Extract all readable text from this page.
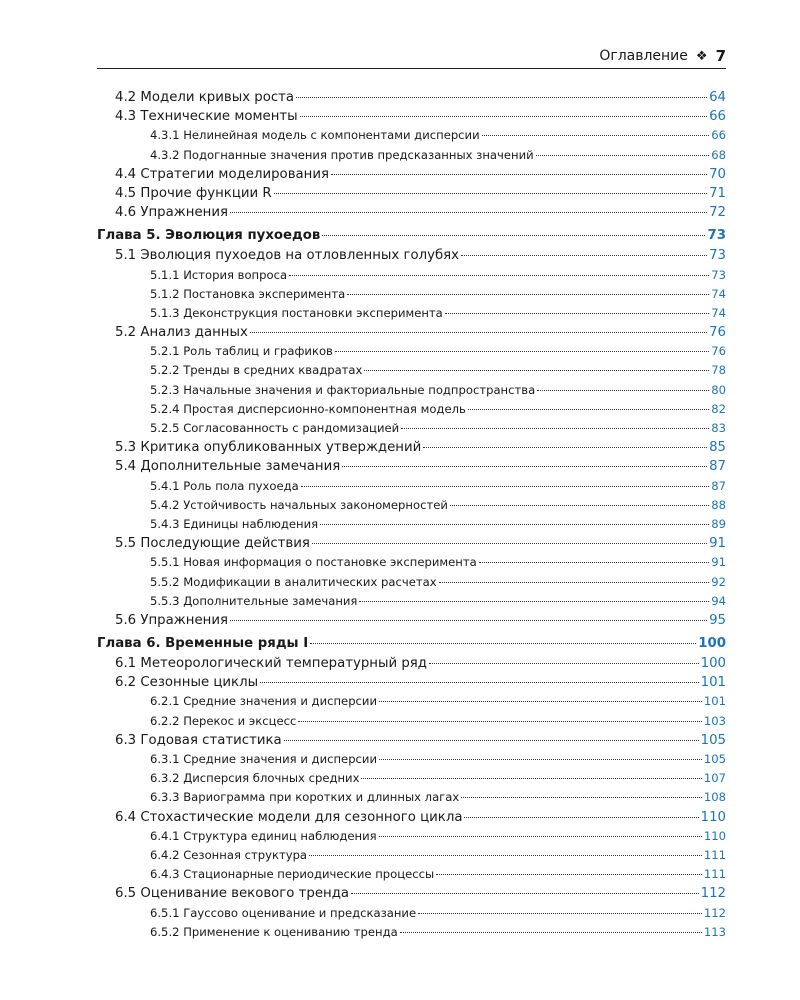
Оглавление ❖ 7
4.2 Модели кривых роста	64
4.3 Технические моменты	66
4.3.1 Нелинейная модель с компонентами дисперсии	66
4.3.2 Подогнанные значения против предсказанных значений	68
4.4 Стратегии моделирования	70
4.5 Прочие функции R	71
4.6 Упражнения	72
Глава 5. Эволюция пухоедов	73
5.1 Эволюция пухоедов на отловленных голубях	73
5.1.1 История вопроса	73
5.1.2 Постановка эксперимента	74
5.1.3 Деконструкция постановки эксперимента	74
5.2 Анализ данных	76
5.2.1 Роль таблиц и графиков	76
5.2.2 Тренды в средних квадратах	78
5.2.3 Начальные значения и факториальные подпространства	80
5.2.4 Простая дисперсионно-компонентная модель	82
5.2.5 Согласованность с рандомизацией	83
5.3 Критика опубликованных утверждений	85
5.4 Дополнительные замечания	87
5.4.1 Роль пола пухоеда	87
5.4.2 Устойчивость начальных закономерностей	88
5.4.3 Единицы наблюдения	89
5.5 Последующие действия	91
5.5.1 Новая информация о постановке эксперимента	91
5.5.2 Модификации в аналитических расчетах	92
5.5.3 Дополнительные замечания	94
5.6 Упражнения	95
Глава 6. Временные ряды I	100
6.1 Метеорологический температурный ряд	100
6.2 Сезонные циклы	101
6.2.1 Средние значения и дисперсии	101
6.2.2 Перекос и эксцесс	103
6.3 Годовая статистика	105
6.3.1 Средние значения и дисперсии	105
6.3.2 Дисперсия блочных средних	107
6.3.3 Вариограмма при коротких и длинных лагах	108
6.4 Стохастические модели для сезонного цикла	110
6.4.1 Структура единиц наблюдения	110
6.4.2 Сезонная структура	111
6.4.3 Стационарные периодические процессы	111
6.5 Оценивание векового тренда	112
6.5.1 Гауссово оценивание и предсказание	112
6.5.2 Применение к оцениванию тренда	113
